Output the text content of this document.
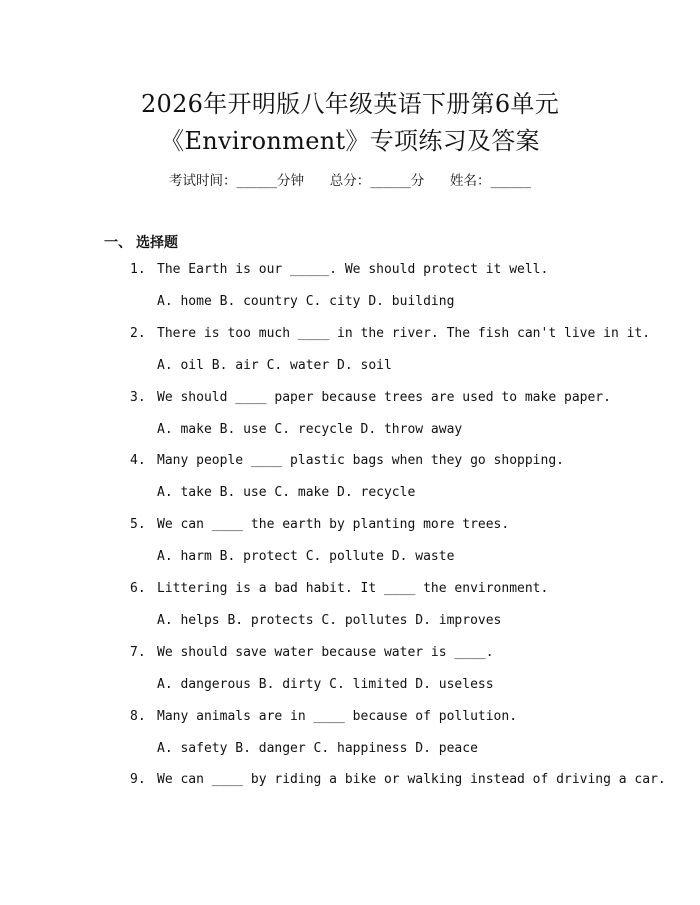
2026年开明版八年级英语下册第6单元
《Environment》专项练习及答案
考试时间：______分钟      总分：______分      姓名：______
一、 选择题
1. The Earth is our _____. We should protect it well.
A. home B. country C. city D. building
2. There is too much ____ in the river. The fish can't live in it.
A. oil B. air C. water D. soil
3. We should ____ paper because trees are used to make paper.
A. make B. use C. recycle D. throw away
4. Many people ____ plastic bags when they go shopping.
A. take B. use C. make D. recycle
5. We can ____ the earth by planting more trees.
A. harm B. protect C. pollute D. waste
6. Littering is a bad habit. It ____ the environment.
A. helps B. protects C. pollutes D. improves
7. We should save water because water is ____.
A. dangerous B. dirty C. limited D. useless
8. Many animals are in ____ because of pollution.
A. safety B. danger C. happiness D. peace
9. We can ____ by riding a bike or walking instead of driving a car.
